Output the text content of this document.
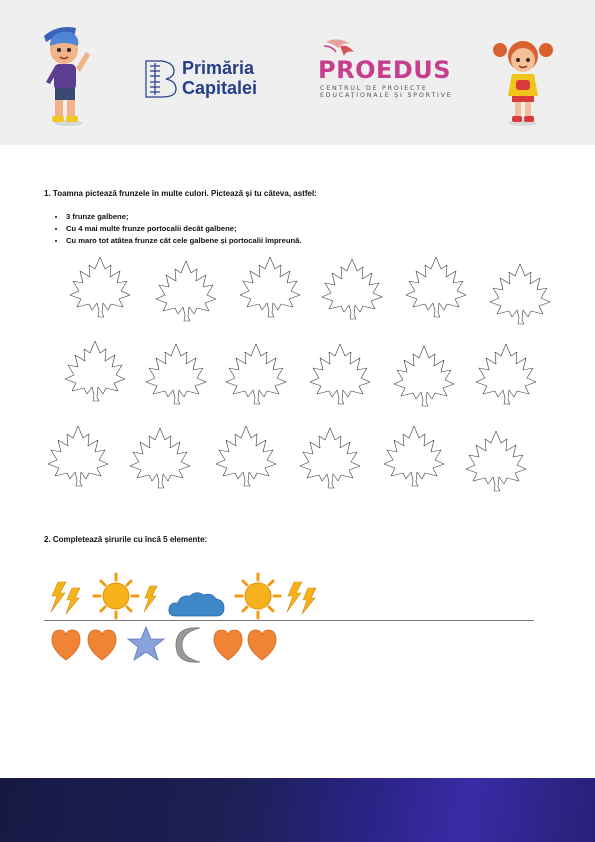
Primăria
Capitalei
PROEDUS
CENTRUL DE PROIECTE
EDUCAȚIONALE ȘI SPORTIVE
1. Toamna pictează frunzele în multe culori. Pictează și tu câteva, astfel:
• 3 frunze galbene;
• Cu 4 mai multe frunze portocalii decât galbene;
• Cu maro tot atâtea frunze cât cele galbene și portocalii împreună.
2. Completează șirurile cu încă 5 elemente:
